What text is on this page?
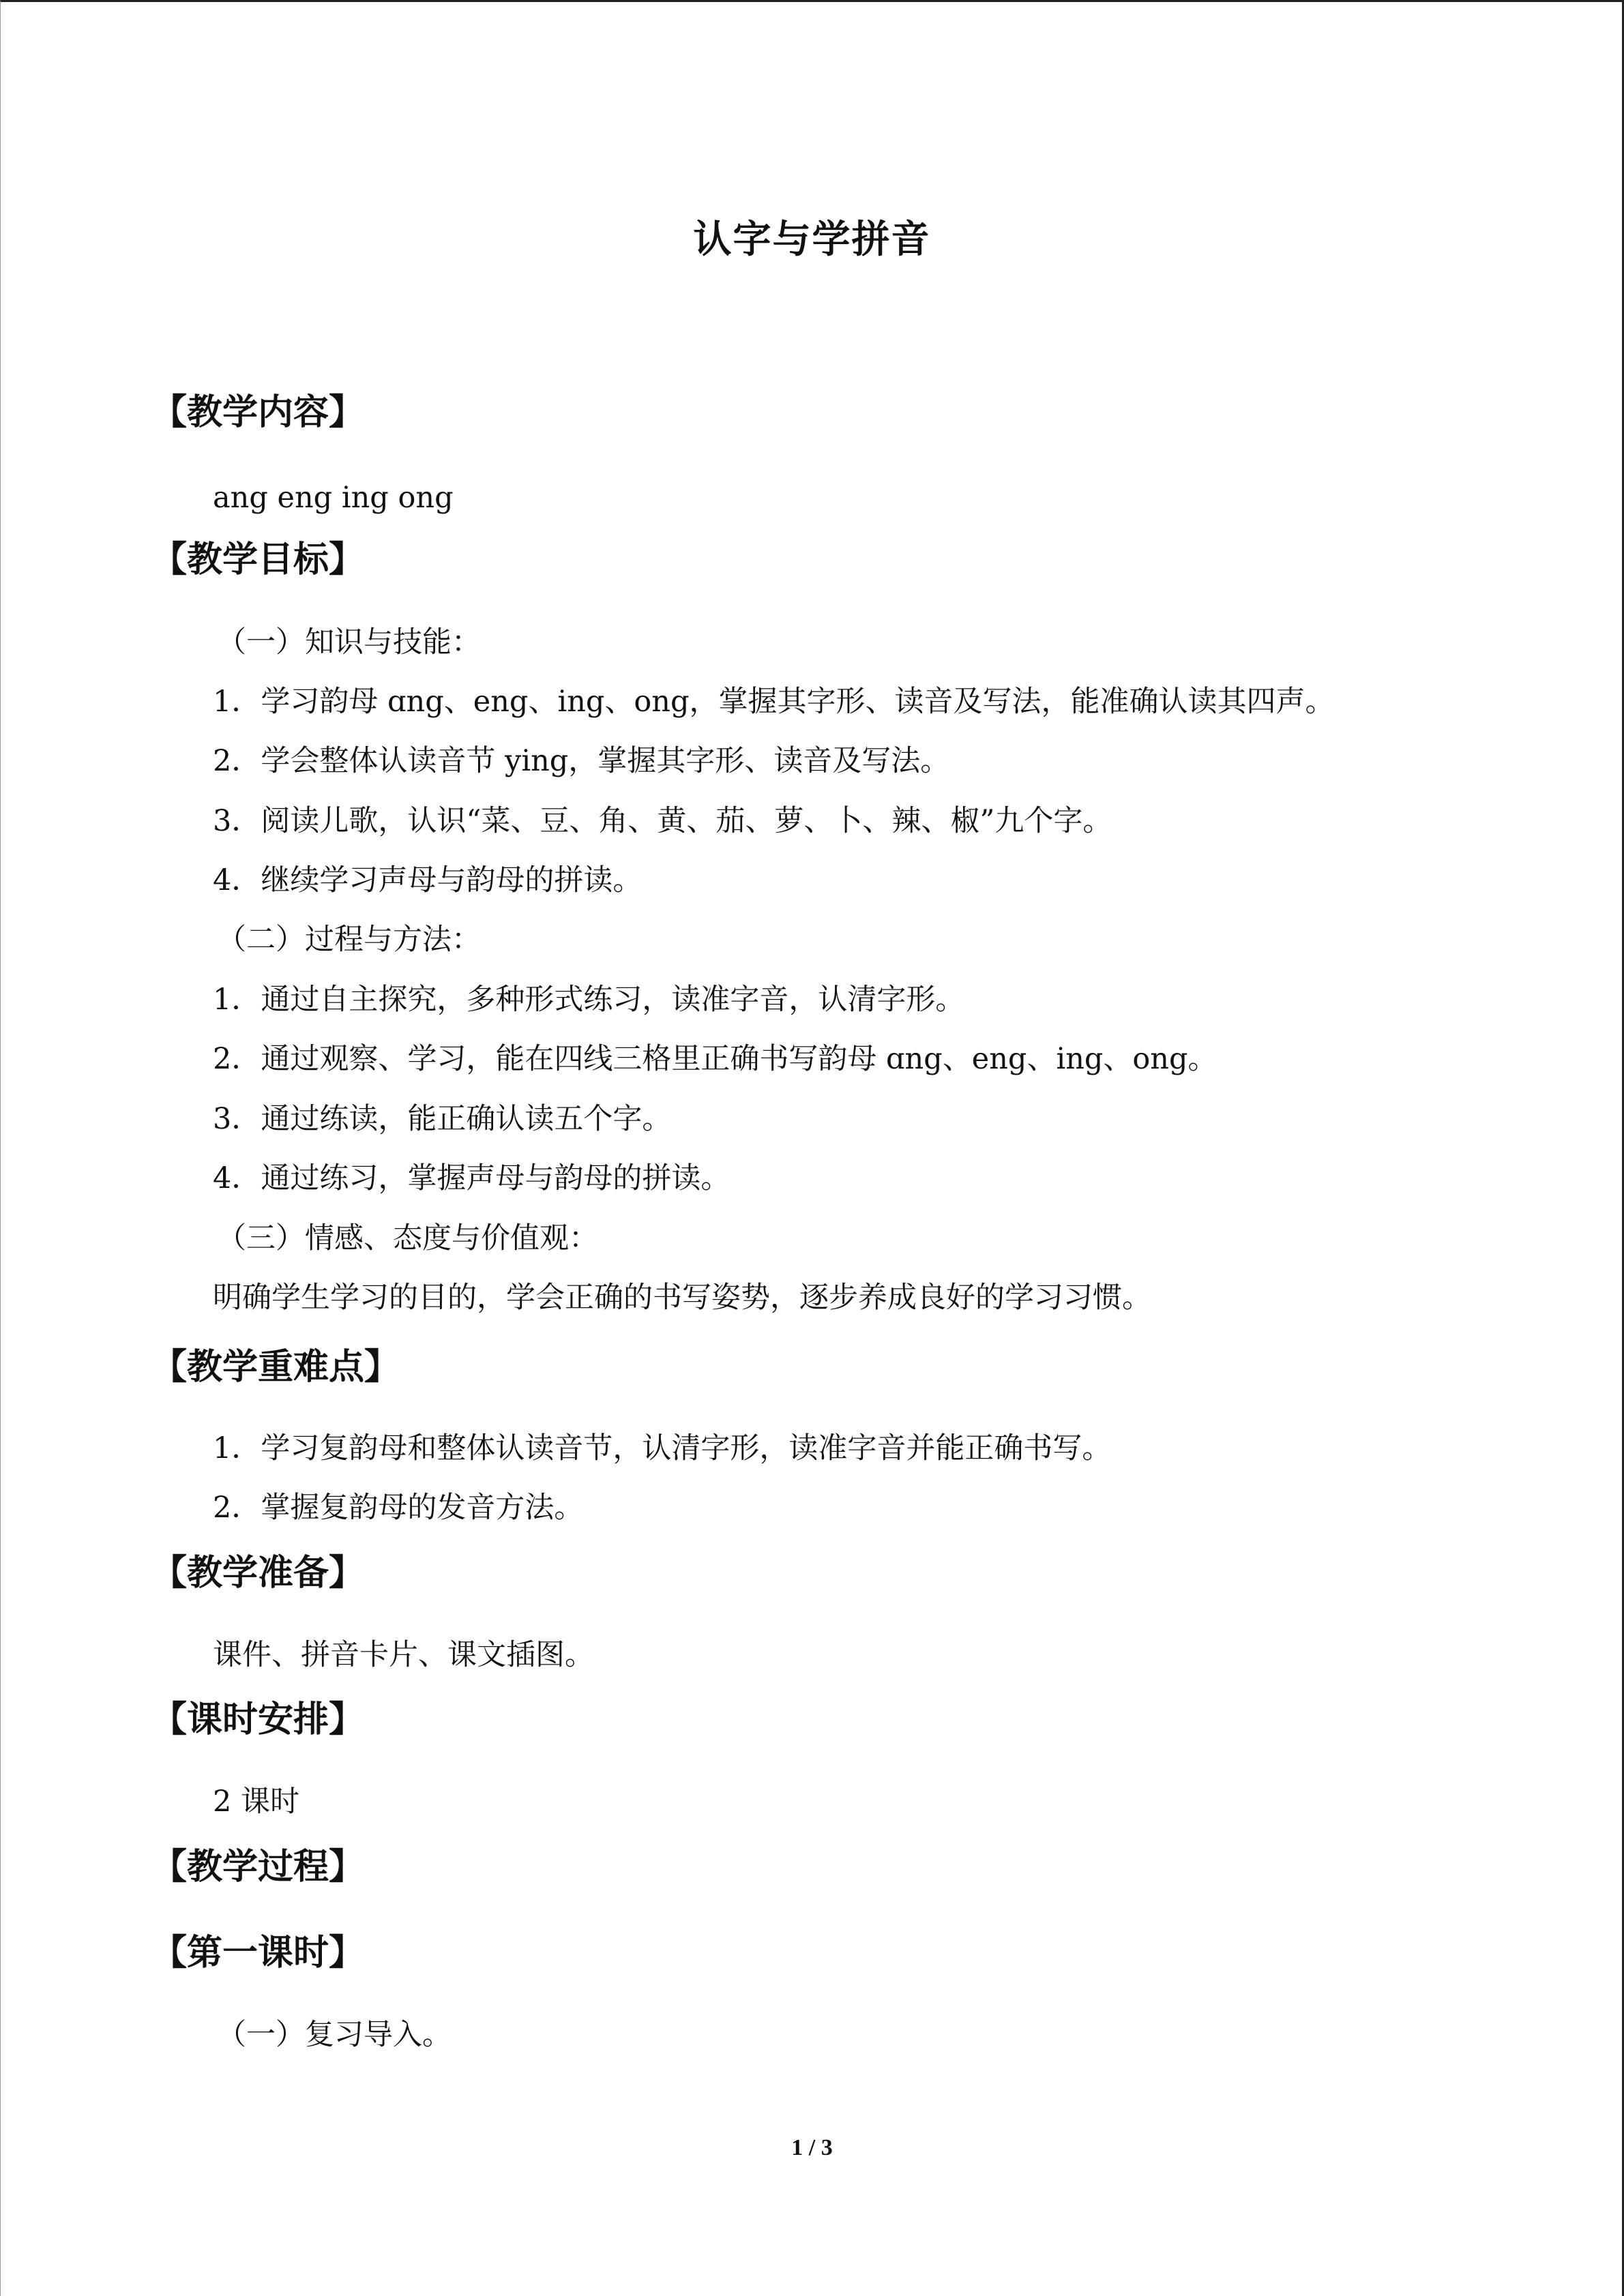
认字与学拼音
【教学内容】
ang eng ing ong
【教学目标】
（一）知识与技能：
1．学习韵母 ɑng、eng、ing、ong，掌握其字形、读音及写法，能准确认读其四声。
2．学会整体认读音节 ying，掌握其字形、读音及写法。
3．阅读儿歌，认识“菜、豆、角、黄、茄、萝、卜、辣、椒”九个字。
4．继续学习声母与韵母的拼读。
（二）过程与方法：
1．通过自主探究，多种形式练习，读准字音，认清字形。
2．通过观察、学习，能在四线三格里正确书写韵母 ɑng、eng、ing、ong。
3．通过练读，能正确认读五个字。
4．通过练习，掌握声母与韵母的拼读。
（三）情感、态度与价值观：
明确学生学习的目的，学会正确的书写姿势，逐步养成良好的学习习惯。
【教学重难点】
1．学习复韵母和整体认读音节，认清字形，读准字音并能正确书写。
2．掌握复韵母的发音方法。
【教学准备】
课件、拼音卡片、课文插图。
【课时安排】
2 课时
【教学过程】
【第一课时】
（一）复习导入。
1 / 3
